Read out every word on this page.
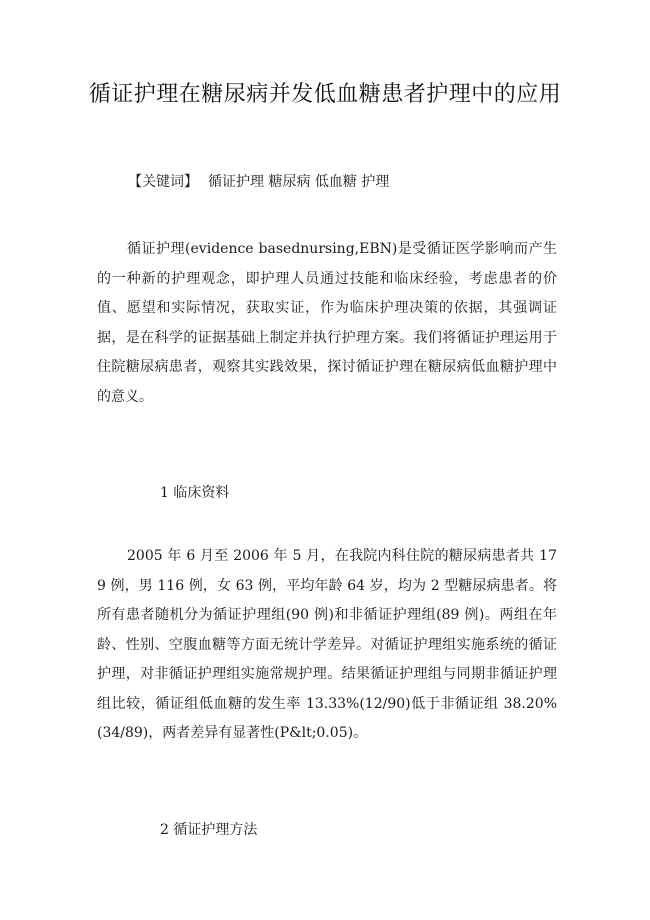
循证护理在糖尿病并发低血糖患者护理中的应用
【关键词】 循证护理 糖尿病 低血糖 护理

循证护理(evidence basednursing,EBN)是受循证医学影响而产生的一种新的护理观念，即护理人员通过技能和临床经验，考虑患者的价值、愿望和实际情况，获取实证，作为临床护理决策的依据，其强调证据，是在科学的证据基础上制定并执行护理方案。我们将循证护理运用于住院糖尿病患者，观察其实践效果，探讨循证护理在糖尿病低血糖护理中的意义。

1 临床资料

2005 年 6 月至 2006 年 5 月，在我院内科住院的糖尿病患者共 179 例，男 116 例，女 63 例，平均年龄 64 岁，均为 2 型糖尿病患者。将所有患者随机分为循证护理组(90 例)和非循证护理组(89 例)。两组在年龄、性别、空腹血糖等方面无统计学差异。对循证护理组实施系统的循证护理，对非循证护理组实施常规护理。结果循证护理组与同期非循证护理组比较，循证组低血糖的发生率 13.33%(12/90)低于非循证组 38.20%(34/89)，两者差异有显著性(P&lt;0.05)。

2 循证护理方法
